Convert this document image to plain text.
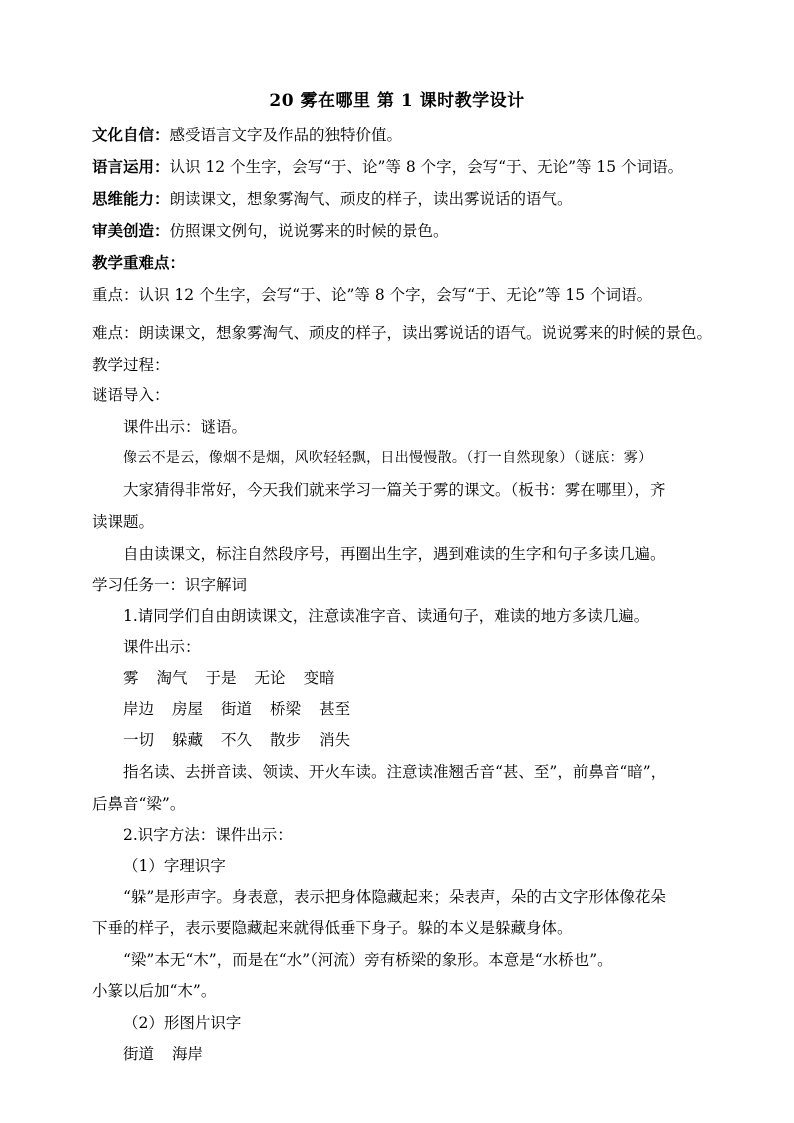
20 雾在哪里 第 1 课时教学设计
文化自信：感受语言文字及作品的独特价值。
语言运用：认识 12 个生字，会写“于、论”等 8 个字，会写“于、无论”等 15 个词语。
思维能力：朗读课文，想象雾淘气、顽皮的样子，读出雾说话的语气。
审美创造：仿照课文例句，说说雾来的时候的景色。
教学重难点：
重点：认识 12 个生字，会写“于、论”等 8 个字，会写“于、无论”等 15 个词语。
难点：朗读课文，想象雾淘气、顽皮的样子，读出雾说话的语气。说说雾来的时候的景色。
教学过程：
谜语导入：
课件出示：谜语。
像云不是云，像烟不是烟，风吹轻轻飘，日出慢慢散。（打一自然现象）（谜底：雾）
大家猜得非常好，今天我们就来学习一篇关于雾的课文。（板书：雾在哪里），齐
读课题。
自由读课文，标注自然段序号，再圈出生字，遇到难读的生字和句子多读几遍。
学习任务一：识字解词
1.请同学们自由朗读课文，注意读准字音、读通句子，难读的地方多读几遍。
课件出示：
雾 淘气 于是 无论 变暗
岸边 房屋 街道 桥梁 甚至
一切 躲藏 不久 散步 消失
指名读、去拼音读、领读、开火车读。注意读准翘舌音“甚、至”，前鼻音“暗”，
后鼻音“梁”。
2.识字方法：课件出示：
（1）字理识字
“躲”是形声字。身表意，表示把身体隐藏起来；朵表声，朵的古文字形体像花朵
下垂的样子，表示要隐藏起来就得低垂下身子。躲的本义是躲藏身体。
“梁”本无“木”，而是在“水”（河流）旁有桥梁的象形。本意是“水桥也”。
小篆以后加“木”。
（2）形图片识字
街道 海岸
